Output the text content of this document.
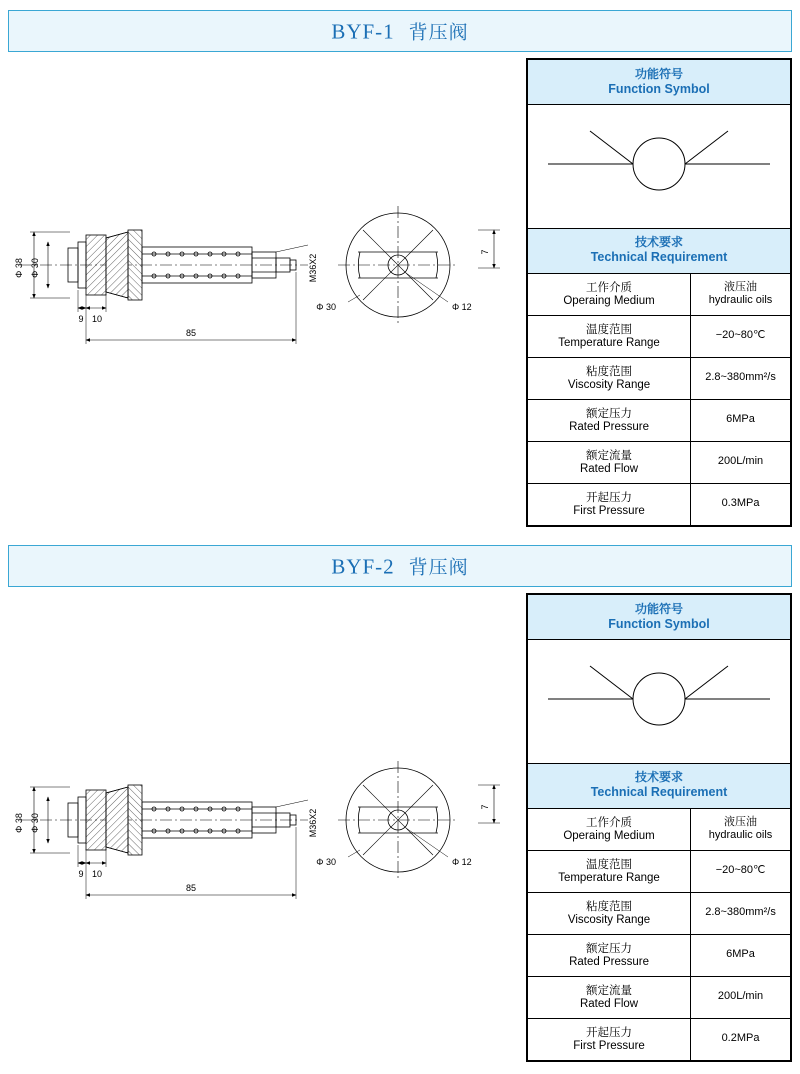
BYF-1 背压阀
Φ 38 Φ 30	M36X2
9 10
85
Φ 30	Φ 12
7
功能符号
Function Symbol	

技术要求
Technical Requirement	

工作介质
Operaing Medium	液压油
hydraulic oils

温度范围
Temperature Range	−20~80℃

粘度范围
Viscosity Range	2.8~380mm²/s

额定压力
Rated Pressure	6MPa

额定流量
Rated Flow	200L/min

开起压力
First Pressure	0.3MPa
BYF-2 背压阀
Φ 38 Φ 30	M36X2
9 10
85
Φ 30	Φ 12
7
功能符号
Function Symbol	

技术要求
Technical Requirement	

工作介质
Operaing Medium	液压油
hydraulic oils

温度范围
Temperature Range	−20~80℃

粘度范围
Viscosity Range	2.8~380mm²/s

额定压力
Rated Pressure	6MPa

额定流量
Rated Flow	200L/min

开起压力
First Pressure	0.2MPa
